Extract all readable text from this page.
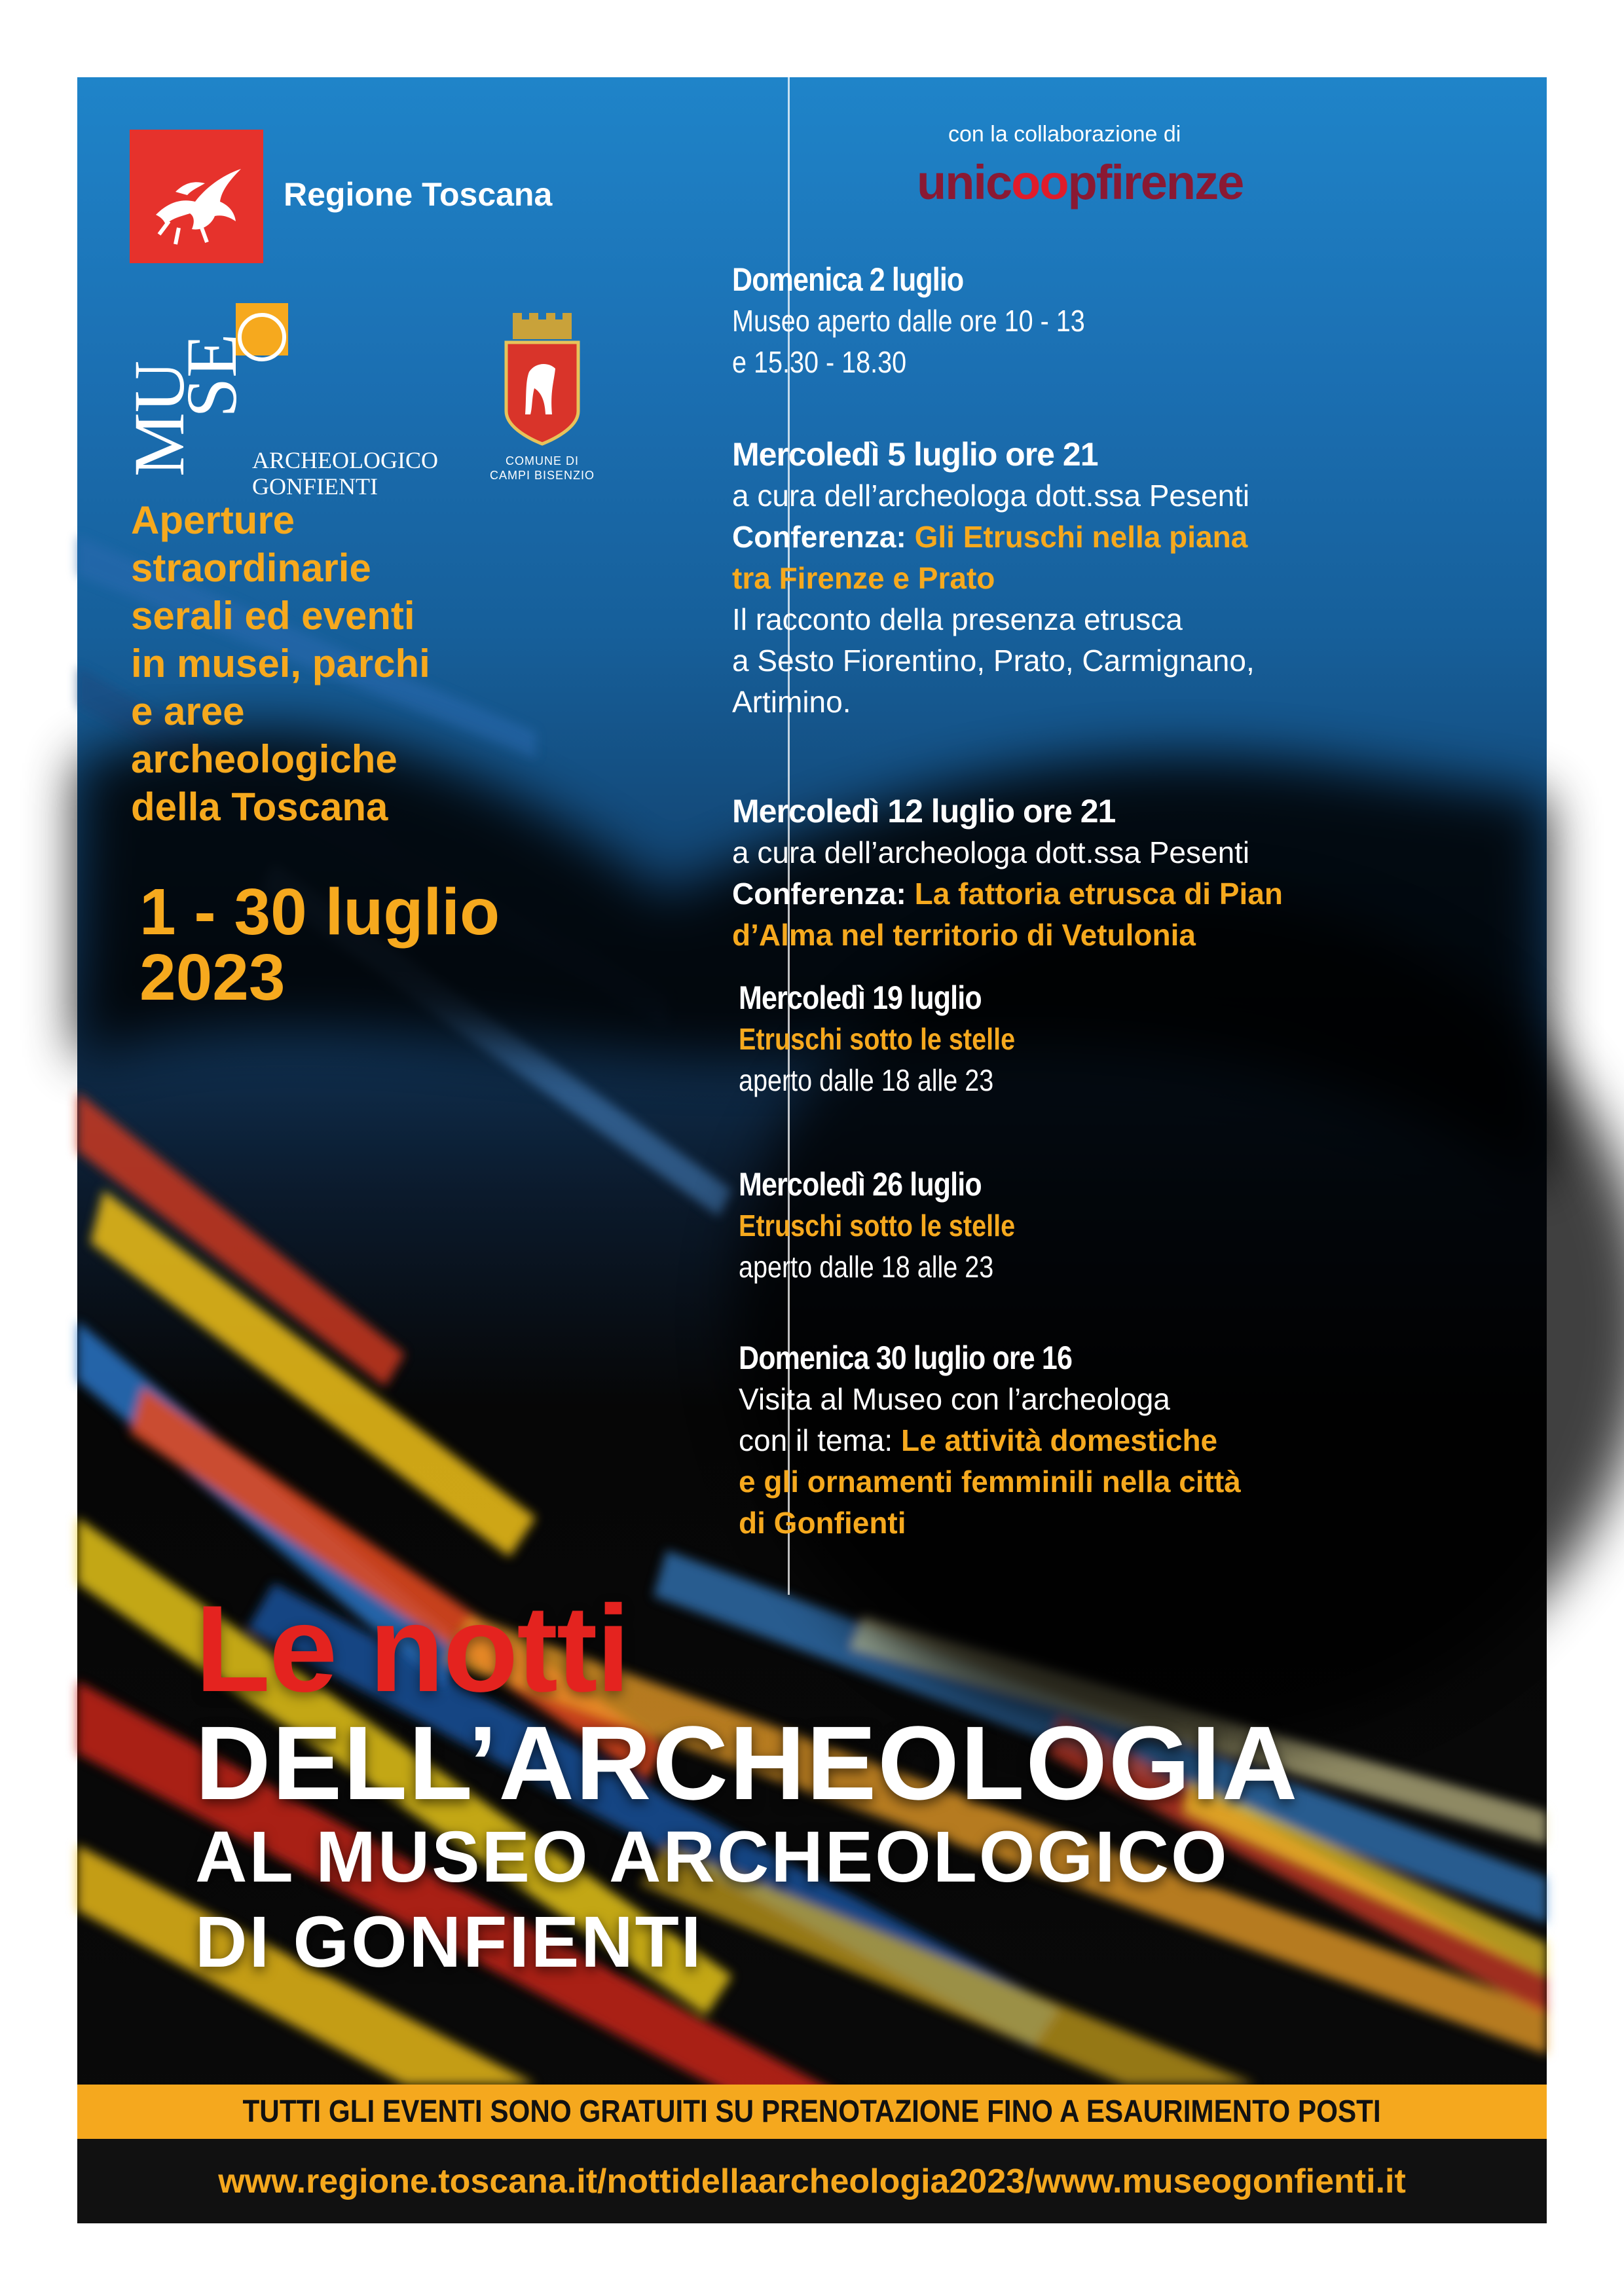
Regione Toscana
MU
SE
ARCHEOLOGICO
GONFIENTI
COMUNE DI
CAMPI BISENZIO
Aperture
straordinarie
serali ed eventi
in musei, parchi
e aree
archeologiche
della Toscana
1 - 30 luglio
2023
con la collaborazione di
unicoopfirenze
Domenica 2 luglio
Museo aperto dalle ore 10 - 13
e 15.30 - 18.30
Mercoledì 5 luglio ore 21
a cura dell’archeologa dott.ssa Pesenti
Conferenza: Gli Etruschi nella piana
tra Firenze e Prato
Il racconto della presenza etrusca
a Sesto Fiorentino, Prato, Carmignano,
Artimino.
Mercoledì 12 luglio ore 21
a cura dell’archeologa dott.ssa Pesenti
Conferenza: La fattoria etrusca di Pian
d’Alma nel territorio di Vetulonia
Mercoledì 19 luglio
Etruschi sotto le stelle
aperto dalle 18 alle 23
Mercoledì 26 luglio
Etruschi sotto le stelle
aperto dalle 18 alle 23
Domenica 30 luglio ore 16
Visita al Museo con l’archeologa
con il tema: Le attività domestiche
e gli ornamenti femminili nella città
di Gonfienti
Le notti
DELL’ARCHEOLOGIA
AL MUSEO ARCHEOLOGICO
DI GONFIENTI
TUTTI GLI EVENTI SONO GRATUITI SU PRENOTAZIONE FINO A ESAURIMENTO POSTI
www.regione.toscana.it/nottidellaarcheologia2023/www.museogonfienti.it
